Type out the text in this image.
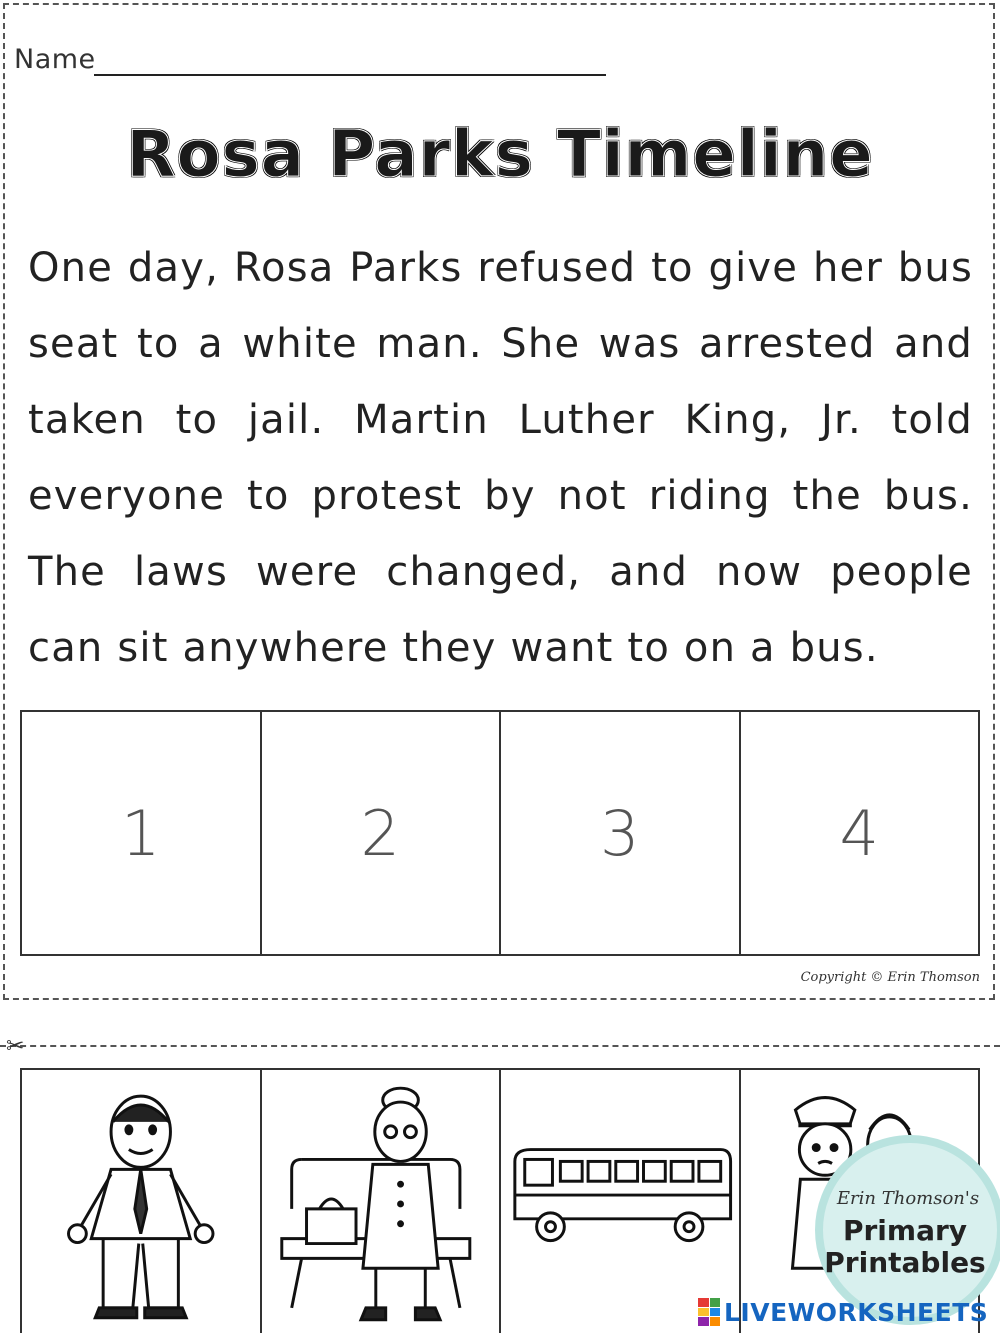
Name
Rosa Parks Timeline
One day, Rosa Parks refused to give her bus
seat to a white man. She was arrested and
taken to jail. Martin Luther King, Jr. told
everyone to protest by not riding the bus.
The laws were changed, and now people
can sit anywhere they want to on a bus.
1	2	3	4
Copyright © Erin Thomson
✂
Erin Thomson's
Primary
Printables
LIVEWORKSHEETS
